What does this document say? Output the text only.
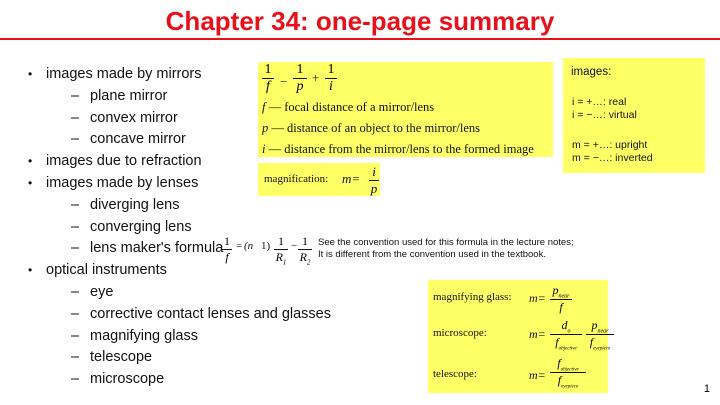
Chapter 34: one-page summary
• images made by mirrors
– plane mirror
– convex mirror
– concave mirror
• images due to refraction
• images made by lenses
– diverging lens
– converging lens
– lens maker's formula
• optical instruments
– eye
– corrective contact lenses and glasses
– magnifying glass
– telescope
– microscope
$\frac{1}{f} - \frac{1}{p} + \frac{1}{i}$
f — focal distance of a mirror/lens
p — distance of an object to the mirror/lens
i — distance from the mirror/lens to the formed image
magnification: $m= \frac{i}{p}$
images:
i = +…: real
i = −…: virtual
m = +…: upright
m = −…: inverted
$\frac{1}{f} = (n$ $1) \frac{1}{R_1} - \frac{1}{R_2}$ See the convention used for this formula in the lecture notes;
It is different from the convention used in the textbook.
magnifying glass: m=
$p_{near}$
f
microscope:	m=
$d_o$
$f_{objective}$
$p_{near}$
$f_{eyepiece}$
telescope:	m=
$f_{objective}$
$f_{eyepiece}$	1
